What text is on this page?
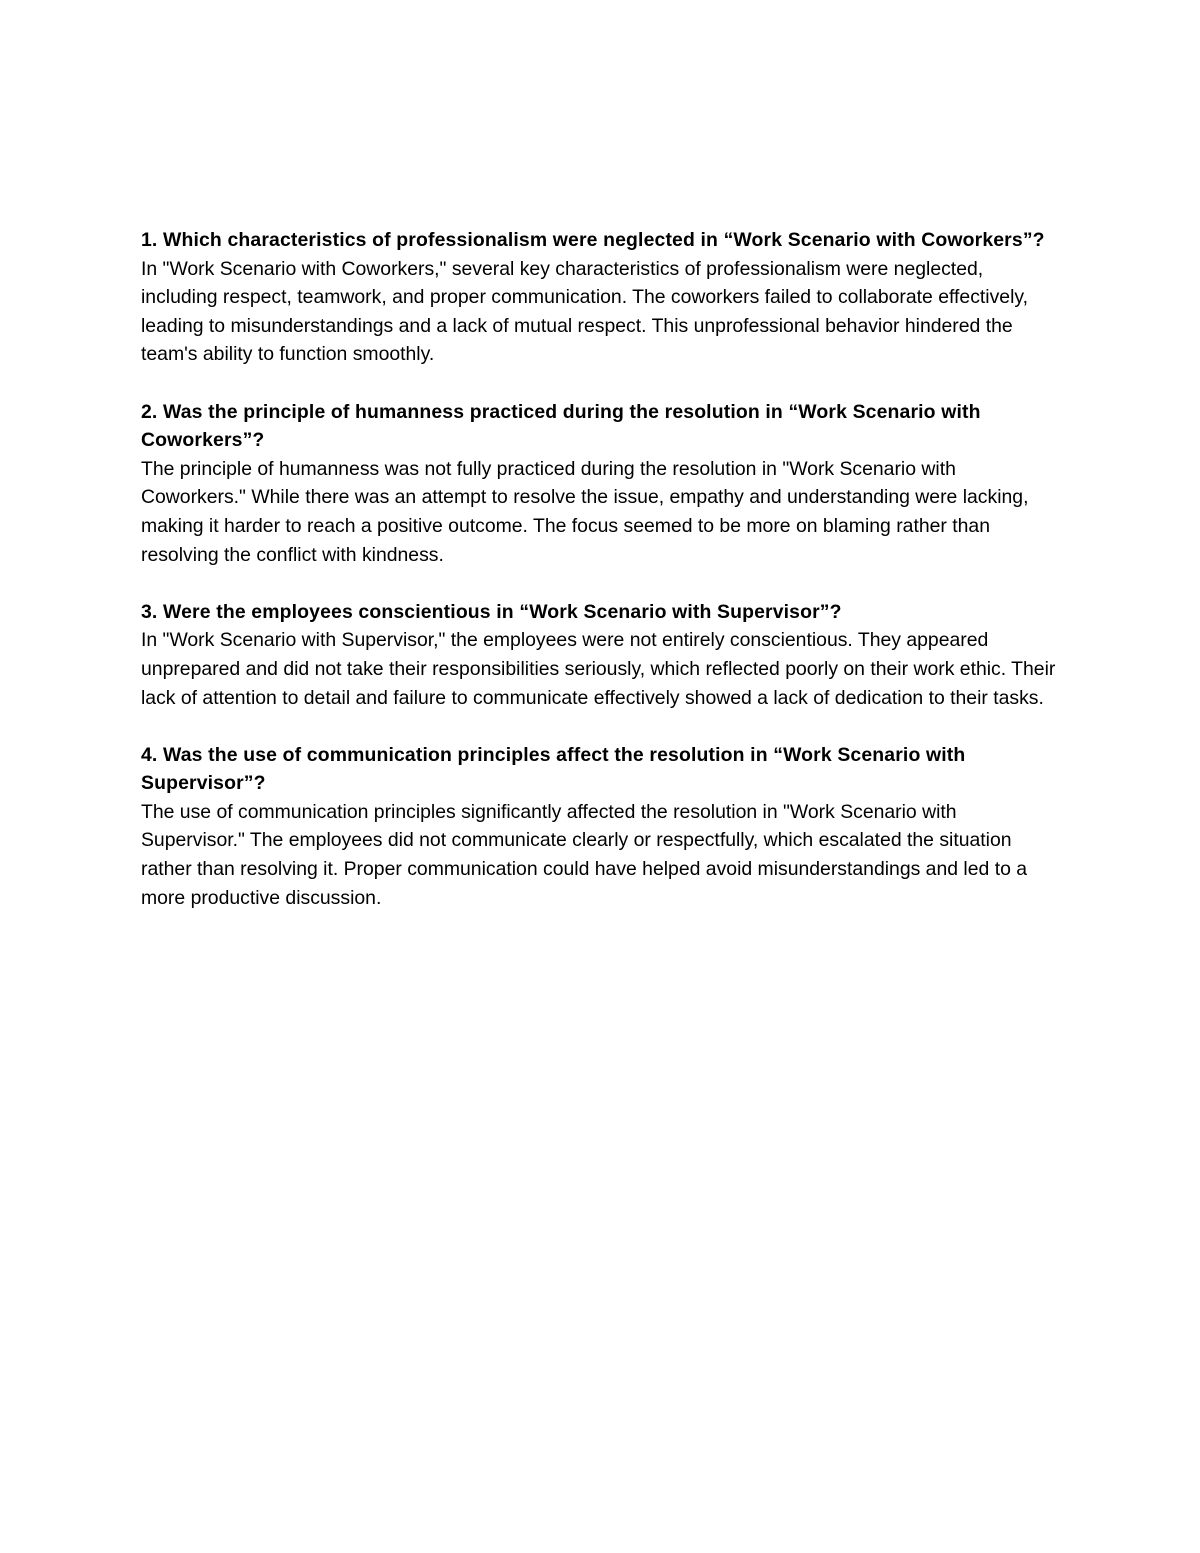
1. Which characteristics of professionalism were neglected in “Work Scenario with Coworkers”?

In "Work Scenario with Coworkers," several key characteristics of professionalism were neglected, including respect, teamwork, and proper communication. The coworkers failed to collaborate effectively, leading to misunderstandings and a lack of mutual respect. This unprofessional behavior hindered the team's ability to function smoothly.

2. Was the principle of humanness practiced during the resolution in “Work Scenario with Coworkers”?

The principle of humanness was not fully practiced during the resolution in "Work Scenario with Coworkers." While there was an attempt to resolve the issue, empathy and understanding were lacking, making it harder to reach a positive outcome. The focus seemed to be more on blaming rather than resolving the conflict with kindness.

3. Were the employees conscientious in “Work Scenario with Supervisor”?

In "Work Scenario with Supervisor," the employees were not entirely conscientious. They appeared unprepared and did not take their responsibilities seriously, which reflected poorly on their work ethic. Their lack of attention to detail and failure to communicate effectively showed a lack of dedication to their tasks.

4. Was the use of communication principles affect the resolution in “Work Scenario with Supervisor”?

The use of communication principles significantly affected the resolution in "Work Scenario with Supervisor." The employees did not communicate clearly or respectfully, which escalated the situation rather than resolving it. Proper communication could have helped avoid misunderstandings and led to a more productive discussion.
